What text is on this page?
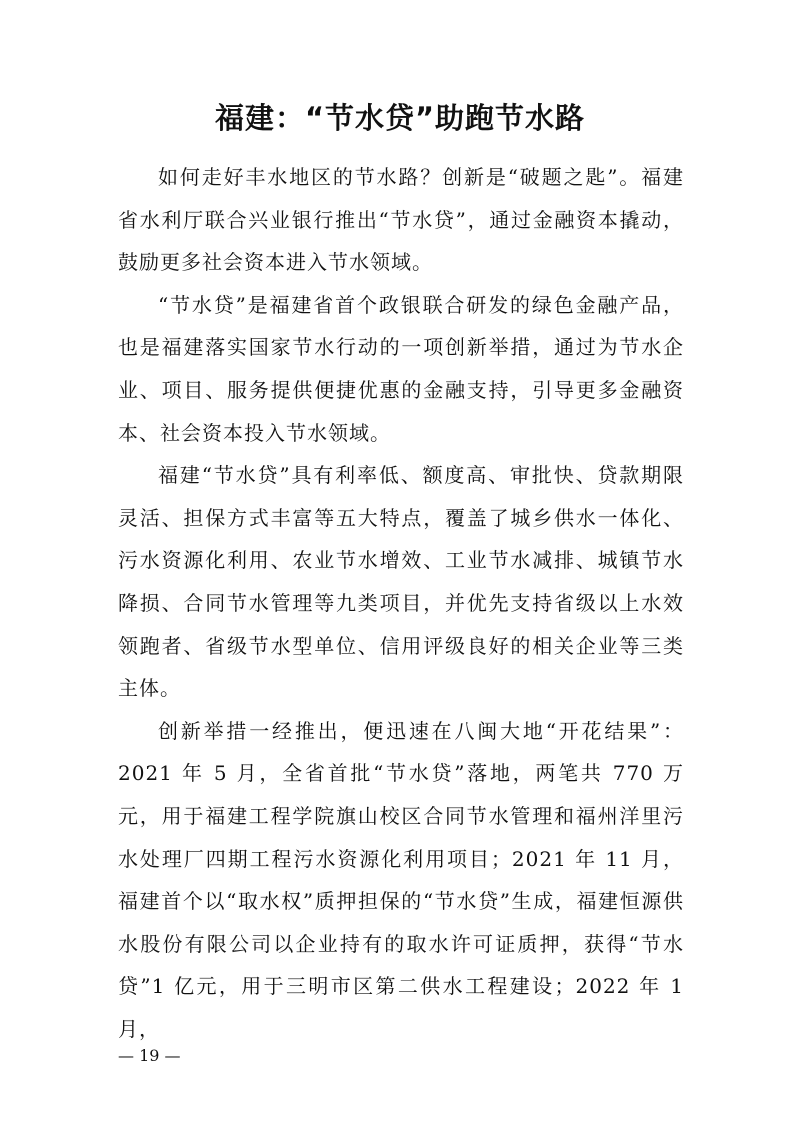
福建：“节水贷”助跑节水路

如何走好丰水地区的节水路？创新是“破题之匙”。福建省水利厅联合兴业银行推出“节水贷”，通过金融资本撬动，鼓励更多社会资本进入节水领域。

“节水贷”是福建省首个政银联合研发的绿色金融产品，也是福建落实国家节水行动的一项创新举措，通过为节水企业、项目、服务提供便捷优惠的金融支持，引导更多金融资本、社会资本投入节水领域。

福建“节水贷”具有利率低、额度高、审批快、贷款期限灵活、担保方式丰富等五大特点，覆盖了城乡供水一体化、污水资源化利用、农业节水增效、工业节水减排、城镇节水降损、合同节水管理等九类项目，并优先支持省级以上水效领跑者、省级节水型单位、信用评级良好的相关企业等三类主体。

创新举措一经推出，便迅速在八闽大地“开花结果”：2021 年 5 月，全省首批“节水贷”落地，两笔共 770 万元，用于福建工程学院旗山校区合同节水管理和福州洋里污水处理厂四期工程污水资源化利用项目；2021 年 11 月，福建首个以“取水权”质押担保的“节水贷”生成，福建恒源供水股份有限公司以企业持有的取水许可证质押，获得“节水贷”1 亿元，用于三明市区第二供水工程建设；2022 年 1 月，

— 19 —
